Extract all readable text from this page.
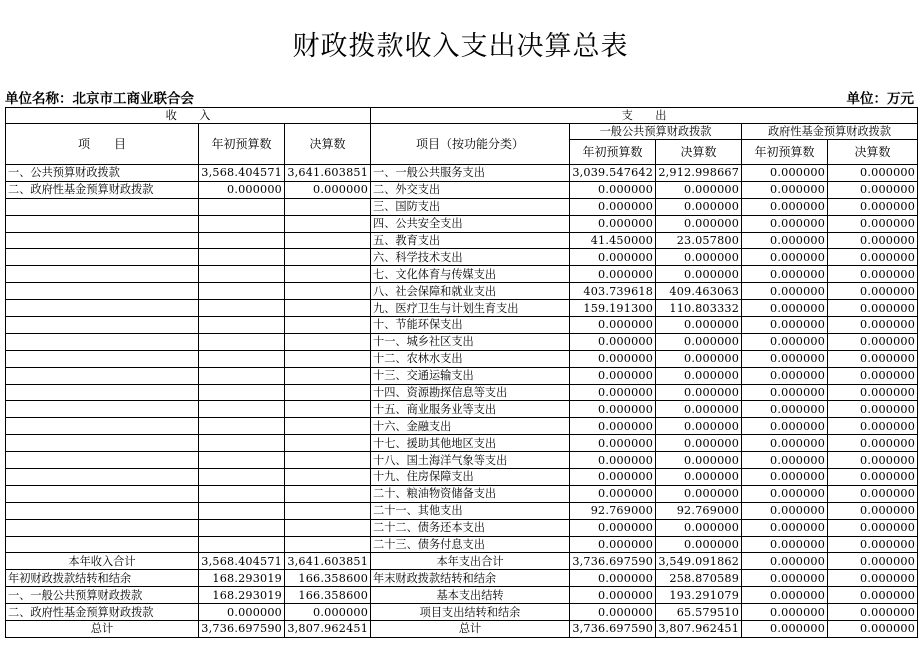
财政拨款收入支出决算总表
单位名称：北京市工商业联合会	单位：万元
收　　入			支　　出				
项　　目	年初预算数	决算数	项目（按功能分类）	一般公共预算财政拨款		政府性基金预算财政拨款	
				年初预算数	决算数	年初预算数	决算数
一、公共预算财政拨款	3,568.404571	3,641.603851	一、一般公共服务支出	3,039.547642	2,912.998667	0.000000	0.000000
二、政府性基金预算财政拨款	0.000000	0.000000	二、外交支出	0.000000	0.000000	0.000000	0.000000
			三、国防支出	0.000000	0.000000	0.000000	0.000000
			四、公共安全支出	0.000000	0.000000	0.000000	0.000000
			五、教育支出	41.450000	23.057800	0.000000	0.000000
			六、科学技术支出	0.000000	0.000000	0.000000	0.000000
			七、文化体育与传媒支出	0.000000	0.000000	0.000000	0.000000
			八、社会保障和就业支出	403.739618	409.463063	0.000000	0.000000
			九、医疗卫生与计划生育支出	159.191300	110.803332	0.000000	0.000000
			十、节能环保支出	0.000000	0.000000	0.000000	0.000000
			十一、城乡社区支出	0.000000	0.000000	0.000000	0.000000
			十二、农林水支出	0.000000	0.000000	0.000000	0.000000
			十三、交通运输支出	0.000000	0.000000	0.000000	0.000000
			十四、资源勘探信息等支出	0.000000	0.000000	0.000000	0.000000
			十五、商业服务业等支出	0.000000	0.000000	0.000000	0.000000
			十六、金融支出	0.000000	0.000000	0.000000	0.000000
			十七、援助其他地区支出	0.000000	0.000000	0.000000	0.000000
			十八、国土海洋气象等支出	0.000000	0.000000	0.000000	0.000000
			十九、住房保障支出	0.000000	0.000000	0.000000	0.000000
			二十、粮油物资储备支出	0.000000	0.000000	0.000000	0.000000
			二十一、其他支出	92.769000	92.769000	0.000000	0.000000
			二十二、债务还本支出	0.000000	0.000000	0.000000	0.000000
			二十三、债务付息支出	0.000000	0.000000	0.000000	0.000000
本年收入合计	3,568.404571	3,641.603851	本年支出合计	3,736.697590	3,549.091862	0.000000	0.000000
年初财政拨款结转和结余	168.293019	166.358600	年末财政拨款结转和结余	0.000000	258.870589	0.000000	0.000000
一、一般公共预算财政拨款	168.293019	166.358600	基本支出结转	0.000000	193.291079	0.000000	0.000000
二、政府性基金预算财政拨款	0.000000	0.000000	项目支出结转和结余	0.000000	65.579510	0.000000	0.000000
总计	3,736.697590	3,807.962451	总计	3,736.697590	3,807.962451	0.000000	0.000000
